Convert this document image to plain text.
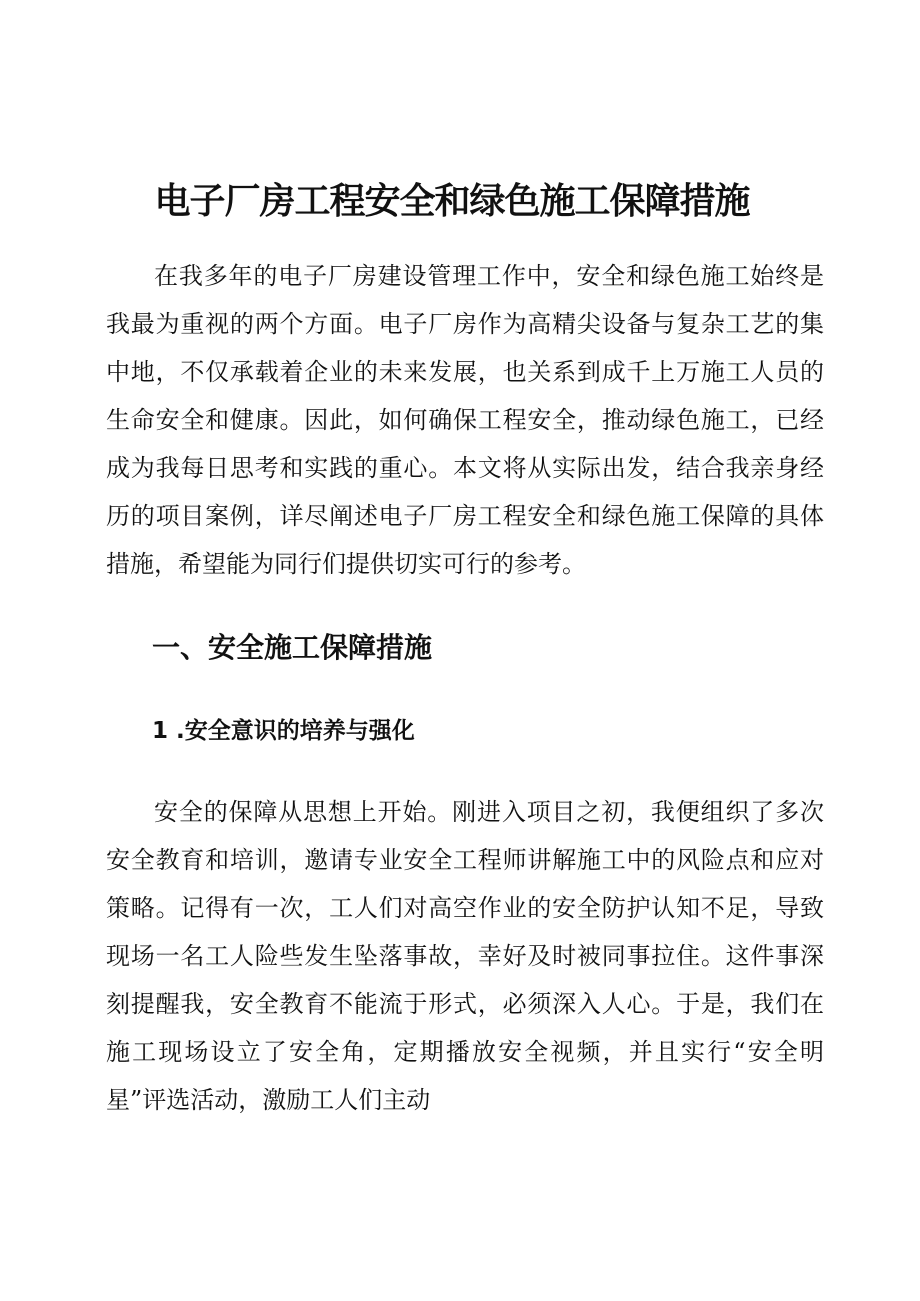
电子厂房工程安全和绿色施工保障措施

在我多年的电子厂房建设管理工作中，安全和绿色施工始终是我最为重视的两个方面。电子厂房作为高精尖设备与复杂工艺的集中地，不仅承载着企业的未来发展，也关系到成千上万施工人员的生命安全和健康。因此，如何确保工程安全，推动绿色施工，已经成为我每日思考和实践的重心。本文将从实际出发，结合我亲身经历的项目案例，详尽阐述电子厂房工程安全和绿色施工保障的具体措施，希望能为同行们提供切实可行的参考。

一、安全施工保障措施
1 .安全意识的培养与强化

安全的保障从思想上开始。刚进入项目之初，我便组织了多次安全教育和培训，邀请专业安全工程师讲解施工中的风险点和应对策略。记得有一次，工人们对高空作业的安全防护认知不足，导致现场一名工人险些发生坠落事故，幸好及时被同事拉住。这件事深刻提醒我，安全教育不能流于形式，必须深入人心。于是，我们在施工现场设立了安全角，定期播放安全视频，并且实行“安全明星”评选活动，激励工人们主动
